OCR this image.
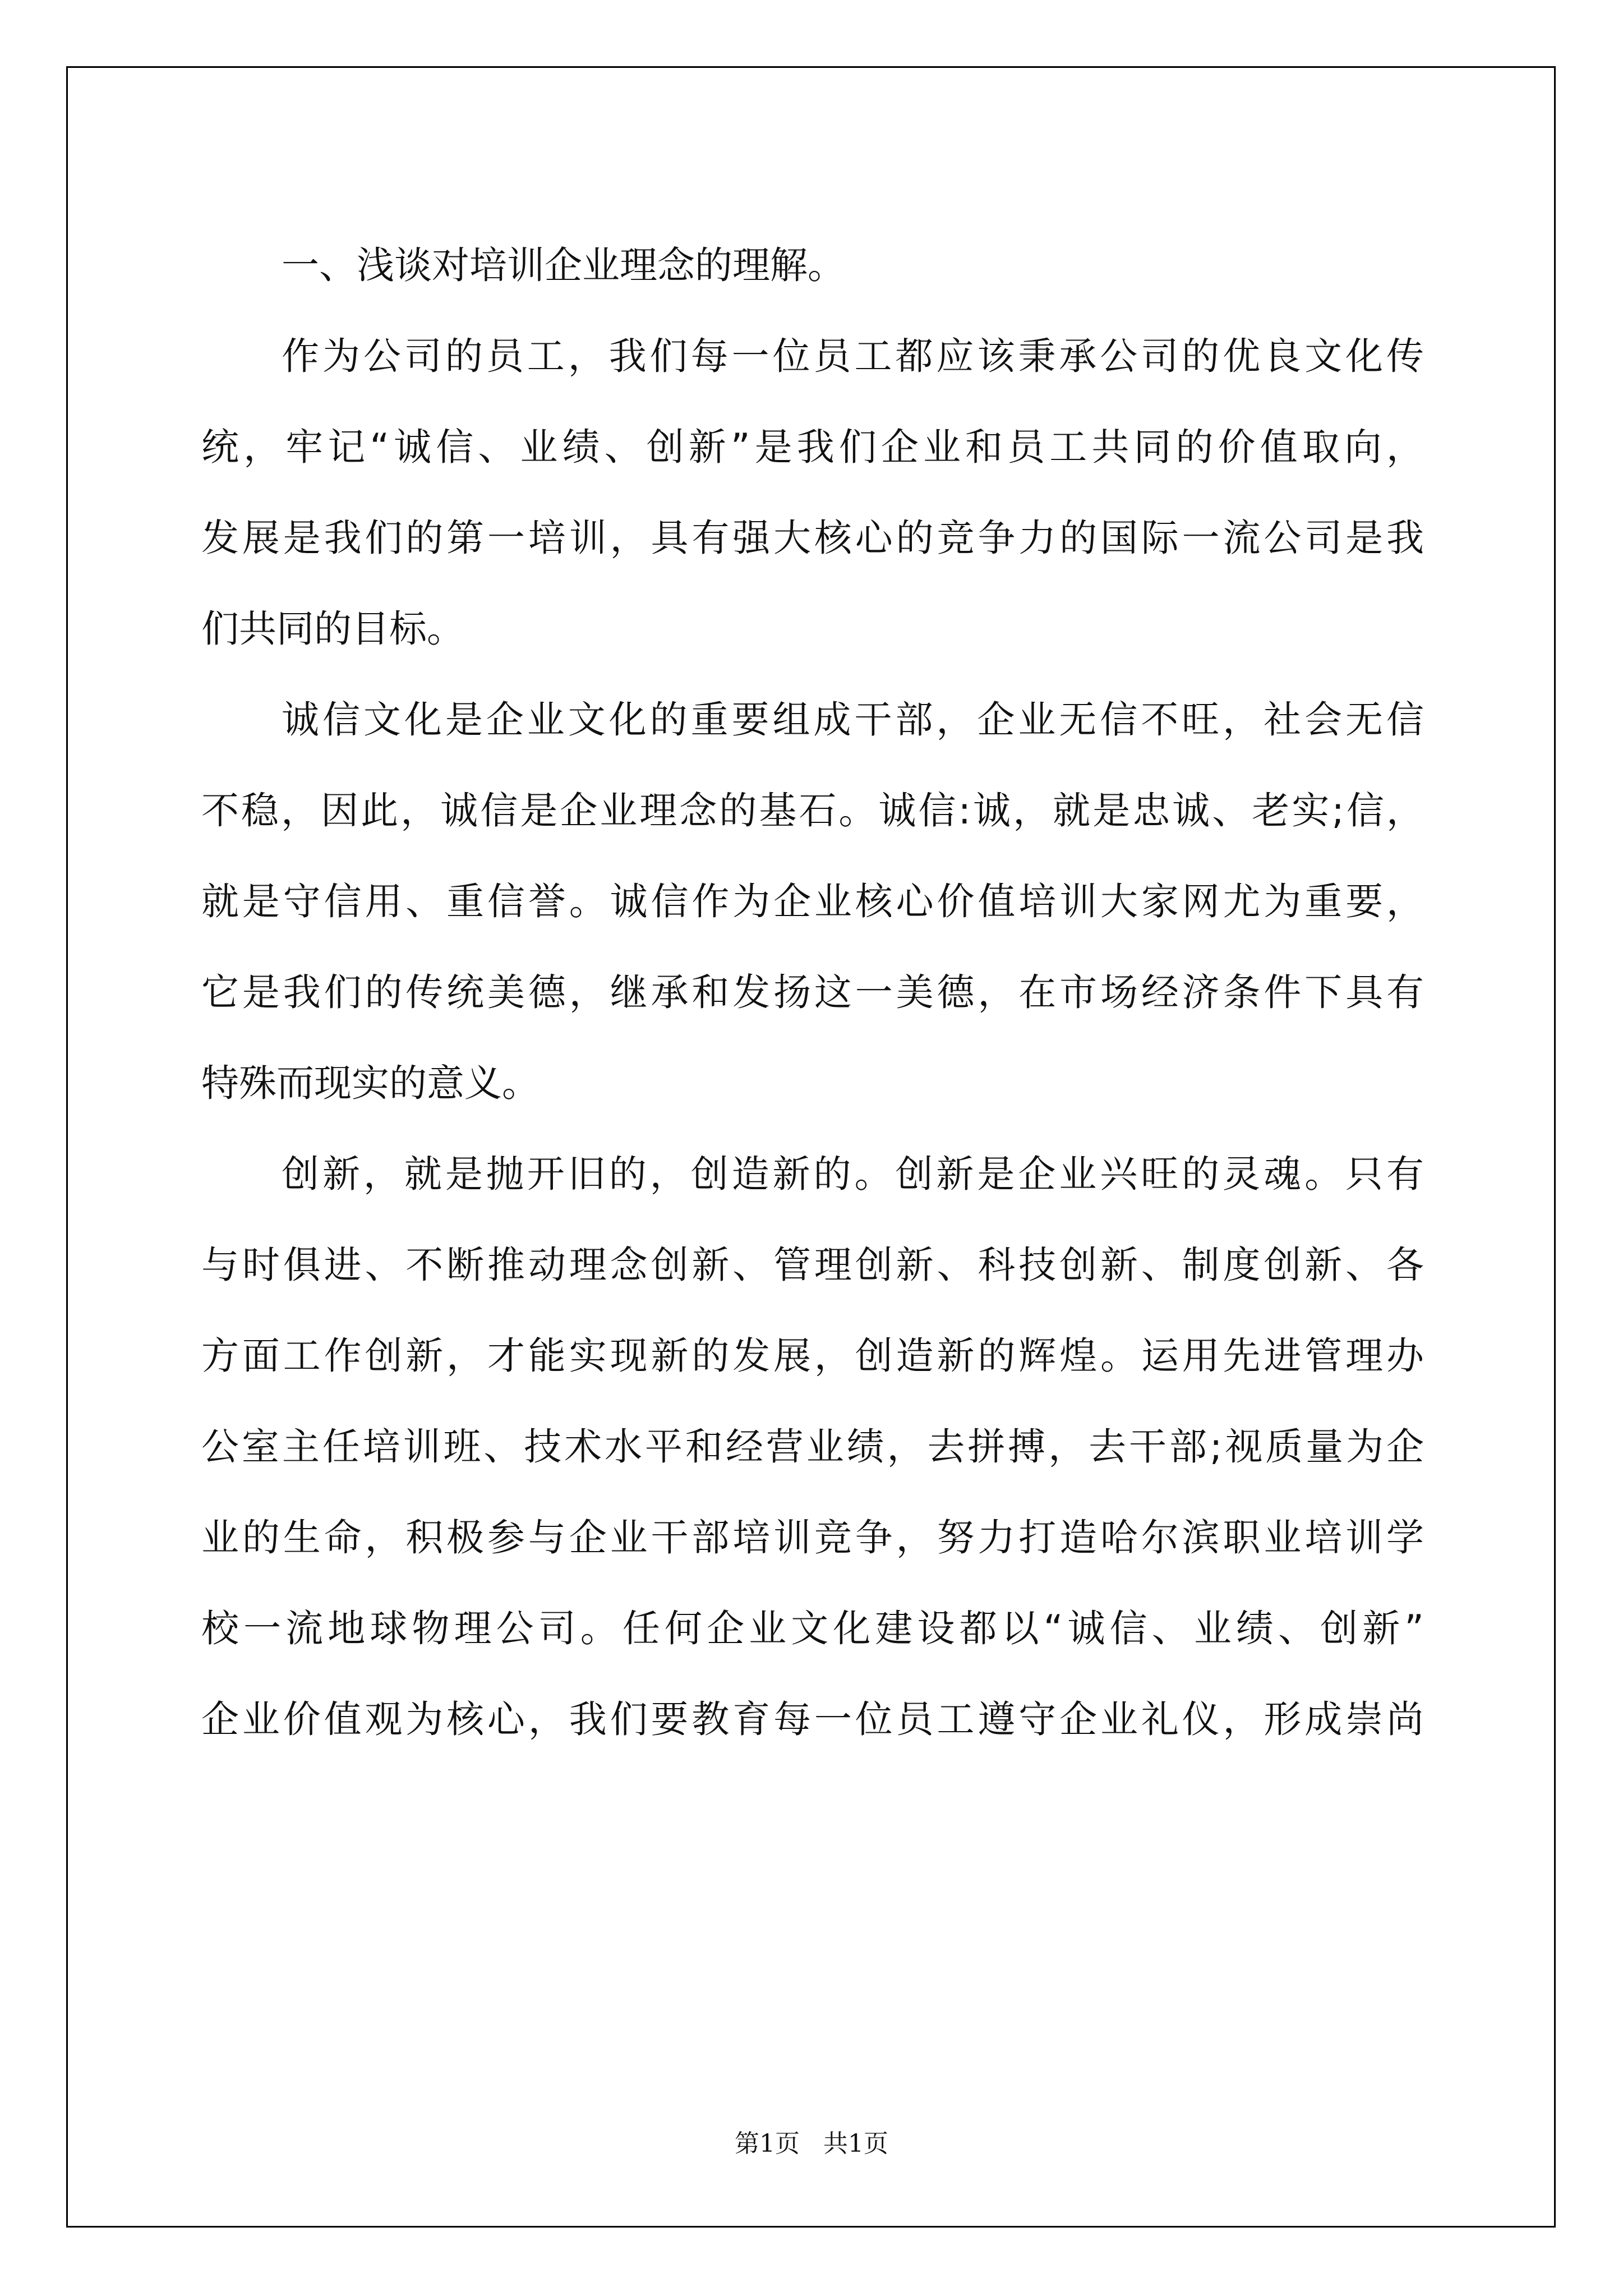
一、浅谈对培训企业理念的理解。
作为公司的员工，我们每一位员工都应该秉承公司的优良文化传
统，牢记“诚信、业绩、创新”是我们企业和员工共同的价值取向，
发展是我们的第一培训，具有强大核心的竞争力的国际一流公司是我
们共同的目标。
诚信文化是企业文化的重要组成干部，企业无信不旺，社会无信
不稳，因此，诚信是企业理念的基石。诚信:诚，就是忠诚、老实;信，
就是守信用、重信誉。诚信作为企业核心价值培训大家网尤为重要，
它是我们的传统美德，继承和发扬这一美德，在市场经济条件下具有
特殊而现实的意义。
创新，就是抛开旧的，创造新的。创新是企业兴旺的灵魂。只有
与时俱进、不断推动理念创新、管理创新、科技创新、制度创新、各
方面工作创新，才能实现新的发展，创造新的辉煌。运用先进管理办
公室主任培训班、技术水平和经营业绩，去拼搏，去干部;视质量为企
业的生命，积极参与企业干部培训竞争，努力打造哈尔滨职业培训学
校一流地球物理公司。任何企业文化建设都以“诚信、业绩、创新”
企业价值观为核心，我们要教育每一位员工遵守企业礼仪，形成崇尚
第1页 共1页
